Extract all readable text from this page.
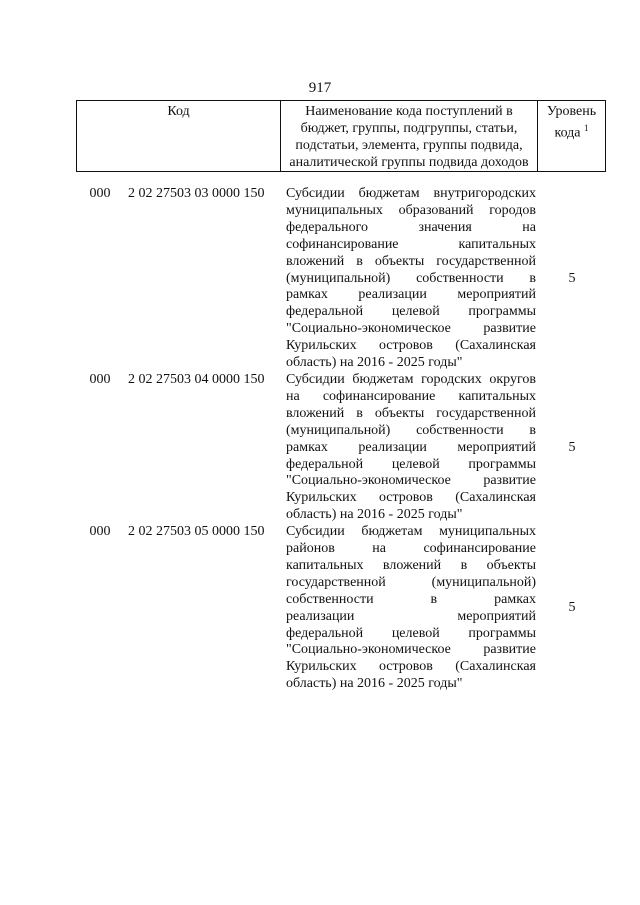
917
Код	Наименование кода поступлений в
бюджет, группы, подгруппы, статьи,
подстатьи, элемента, группы подвида,
аналитической группы подвида доходов
Уровень
кода $^1$
000	2 02 27503 03 0000 150	Субсидии бюджетам внутригородских
муниципальных образований городов
федерального значения на
софинансирование капитальных
вложений в объекты государственной
(муниципальной) собственности в
рамках реализации мероприятий
федеральной целевой программы
"Социально-экономическое развитие
Курильских островов (Сахалинская
область) на 2016 - 2025 годы"
5
000	2 02 27503 04 0000 150	Субсидии бюджетам городских округов
на софинансирование капитальных
вложений в объекты государственной
(муниципальной) собственности в
рамках реализации мероприятий
федеральной целевой программы
"Социально-экономическое развитие
Курильских островов (Сахалинская
область) на 2016 - 2025 годы"
5
000	2 02 27503 05 0000 150	Субсидии бюджетам муниципальных
районов на софинансирование
капитальных вложений в объекты
государственной (муниципальной)
собственности в рамках
реализации мероприятий
федеральной целевой программы
"Социально-экономическое развитие
Курильских островов (Сахалинская
область) на 2016 - 2025 годы"
5
